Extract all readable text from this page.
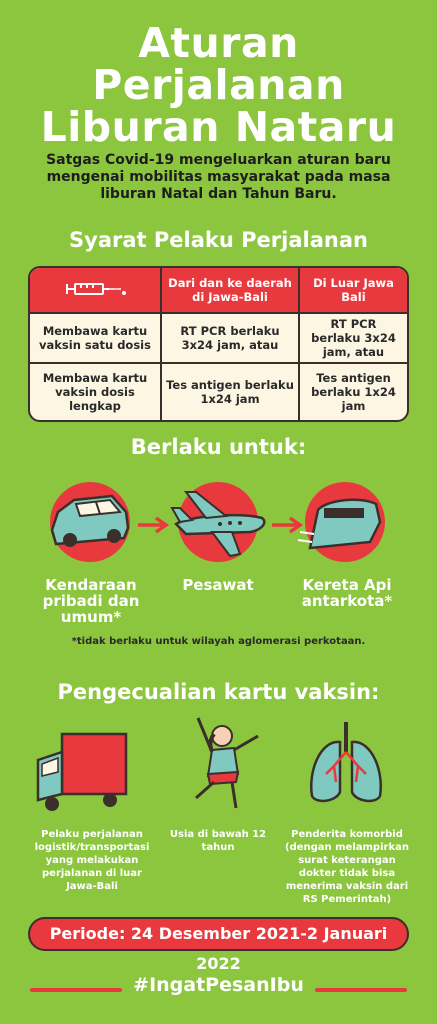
Aturan
Perjalanan
Liburan Nataru
Satgas Covid-19 mengeluarkan aturan baru mengenai mobilitas masyarakat pada masa liburan Natal dan Tahun Baru.
Syarat Pelaku Perjalanan
	Dari dan ke daerah di Jawa-Bali	Di Luar Jawa Bali
Membawa kartu vaksin satu dosis	RT PCR berlaku 3x24 jam, atau	RT PCR berlaku 3x24 jam, atau
Membawa kartu vaksin dosis lengkap	Tes antigen berlaku 1x24 jam	Tes antigen berlaku 1x24 jam
Berlaku untuk:
Kendaraan pribadi dan umum*
Pesawat	Kereta Api antarkota*
*tidak berlaku untuk wilayah aglomerasi perkotaan.
Pengecualian kartu vaksin:
Pelaku perjalanan logistik/transportasi yang melakukan perjalanan di luar Jawa-Bali
Usia di bawah 12 tahun
Penderita komorbid (dengan melampirkan surat keterangan dokter tidak bisa menerima vaksin dari RS Pemerintah)
Periode: 24 Desember 2021-2 Januari 2022
#IngatPesanIbu
